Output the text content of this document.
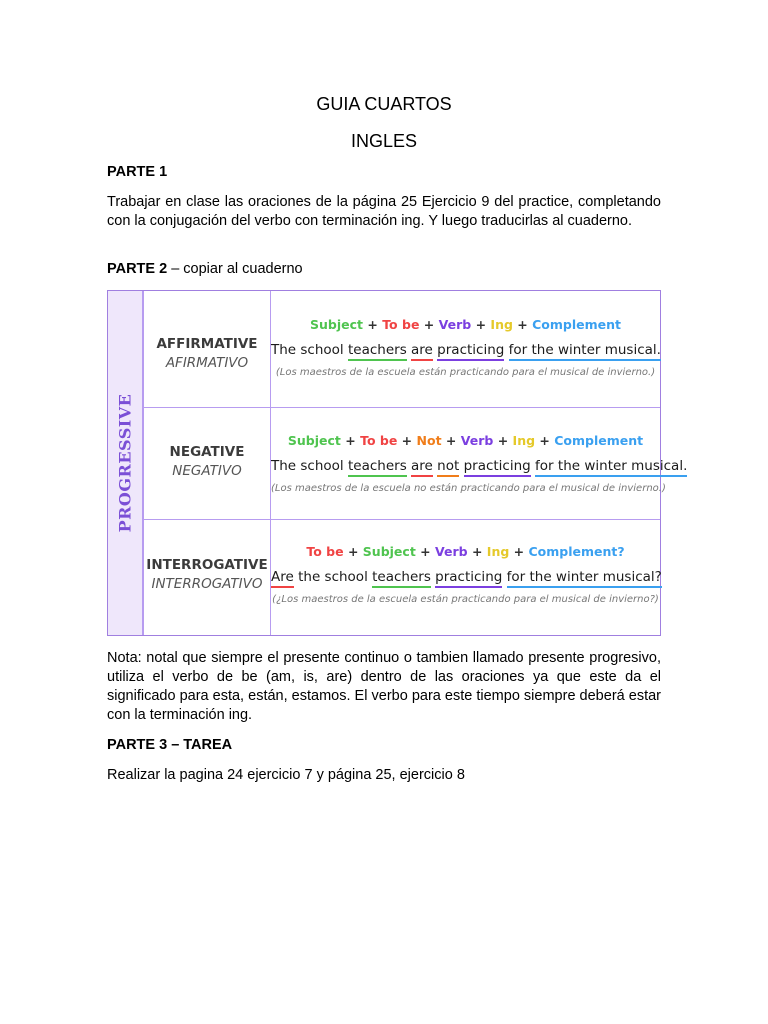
GUIA CUARTOS
INGLES
PARTE 1
Trabajar en clase las oraciones de la página 25 Ejercicio 9 del practice, completando con la conjugación del verbo con terminación ing. Y luego traducirlas al cuaderno.
PARTE 2 – copiar al cuaderno
PROGRESSIVE
AFFIRMATIVE
AFIRMATIVO
Subject + To be + Verb + Ing + Complement
The school teachers are practicing for the winter musical.
(Los maestros de la escuela están practicando para el musical de invierno.)
NEGATIVE
NEGATIVO
Subject + To be + Not + Verb + Ing + Complement
The school teachers are not practicing for the winter musical.
(Los maestros de la escuela no están practicando para el musical de invierno.)
INTERROGATIVE
INTERROGATIVO
To be + Subject + Verb + Ing + Complement?
Are the school teachers practicing for the winter musical?
(¿Los maestros de la escuela están practicando para el musical de invierno?)
Nota: notal que siempre el presente continuo o tambien llamado presente progresivo, utiliza el verbo de be (am, is, are) dentro de las oraciones ya que este da el significado para esta, están, estamos. El verbo para este tiempo siempre deberá estar con la terminación ing.
PARTE 3 – TAREA
Realizar la pagina 24 ejercicio 7 y página 25, ejercicio 8
